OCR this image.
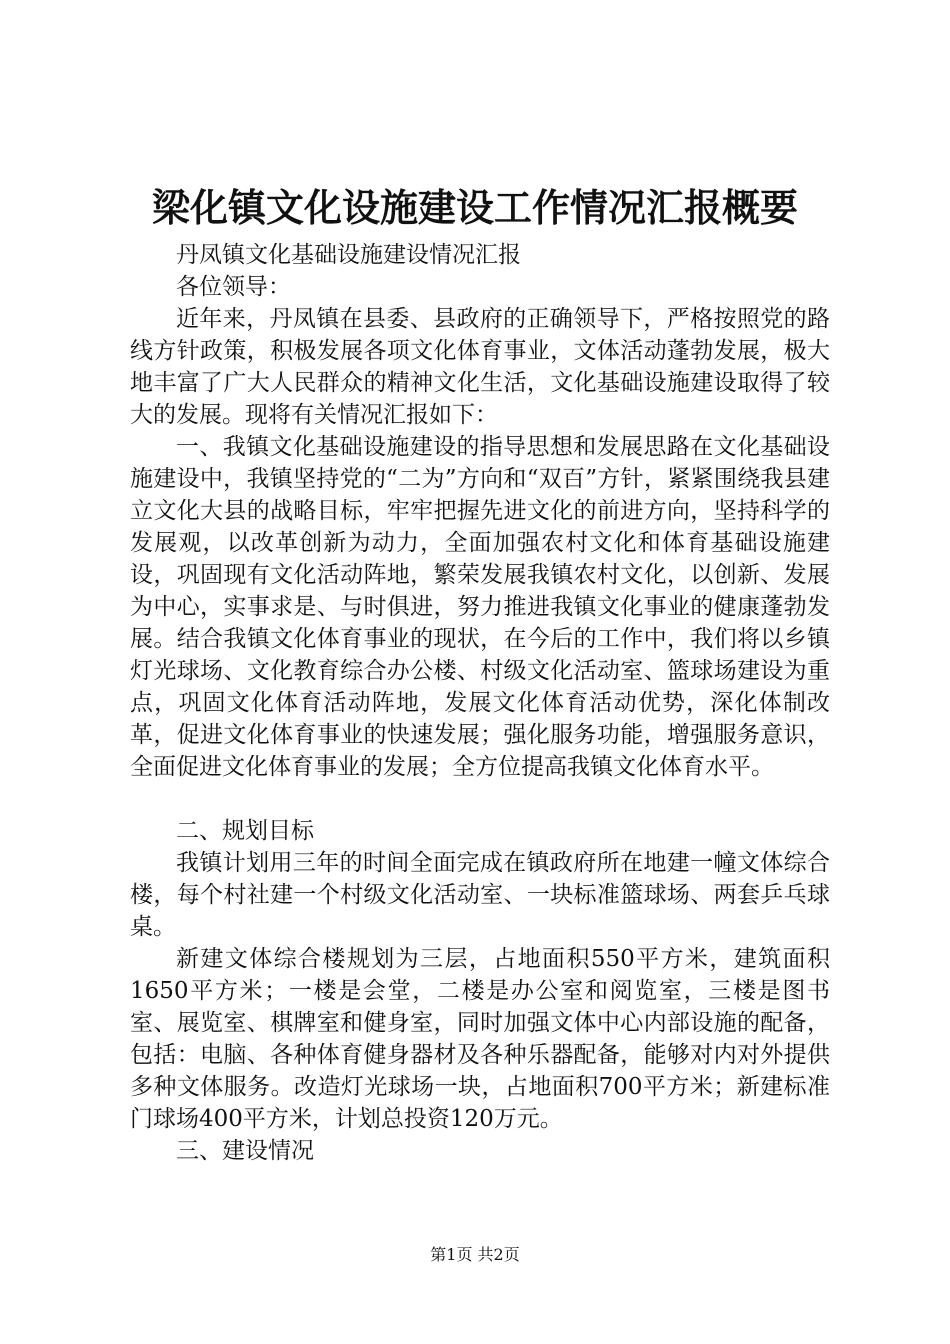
梁化镇文化设施建设工作情况汇报概要

丹凤镇文化基础设施建设情况汇报

各位领导：

近年来，丹凤镇在县委、县政府的正确领导下，严格按照党的路线方针政策，积极发展各项文化体育事业，文体活动蓬勃发展，极大地丰富了广大人民群众的精神文化生活，文化基础设施建设取得了较大的发展。现将有关情况汇报如下：

一、我镇文化基础设施建设的指导思想和发展思路在文化基础设施建设中，我镇坚持党的“二为”方向和“双百”方针，紧紧围绕我县建立文化大县的战略目标，牢牢把握先进文化的前进方向，坚持科学的发展观，以改革创新为动力，全面加强农村文化和体育基础设施建设，巩固现有文化活动阵地，繁荣发展我镇农村文化，以创新、发展为中心，实事求是、与时俱进，努力推进我镇文化事业的健康蓬勃发展。结合我镇文化体育事业的现状，在今后的工作中，我们将以乡镇灯光球场、文化教育综合办公楼、村级文化活动室、篮球场建设为重点，巩固文化体育活动阵地，发展文化体育活动优势，深化体制改革，促进文化体育事业的快速发展；强化服务功能，增强服务意识，全面促进文化体育事业的发展；全方位提高我镇文化体育水平。

二、规划目标

我镇计划用三年的时间全面完成在镇政府所在地建一幢文体综合楼，每个村社建一个村级文化活动室、一块标准篮球场、两套乒乓球桌。

新建文体综合楼规划为三层，占地面积550平方米，建筑面积1650平方米；一楼是会堂，二楼是办公室和阅览室，三楼是图书室、展览室、棋牌室和健身室，同时加强文体中心内部设施的配备，包括：电脑、各种体育健身器材及各种乐器配备，能够对内对外提供多种文体服务。改造灯光球场一块，占地面积700平方米；新建标准门球场400平方米，计划总投资120万元。

三、建设情况

第1页 共2页
